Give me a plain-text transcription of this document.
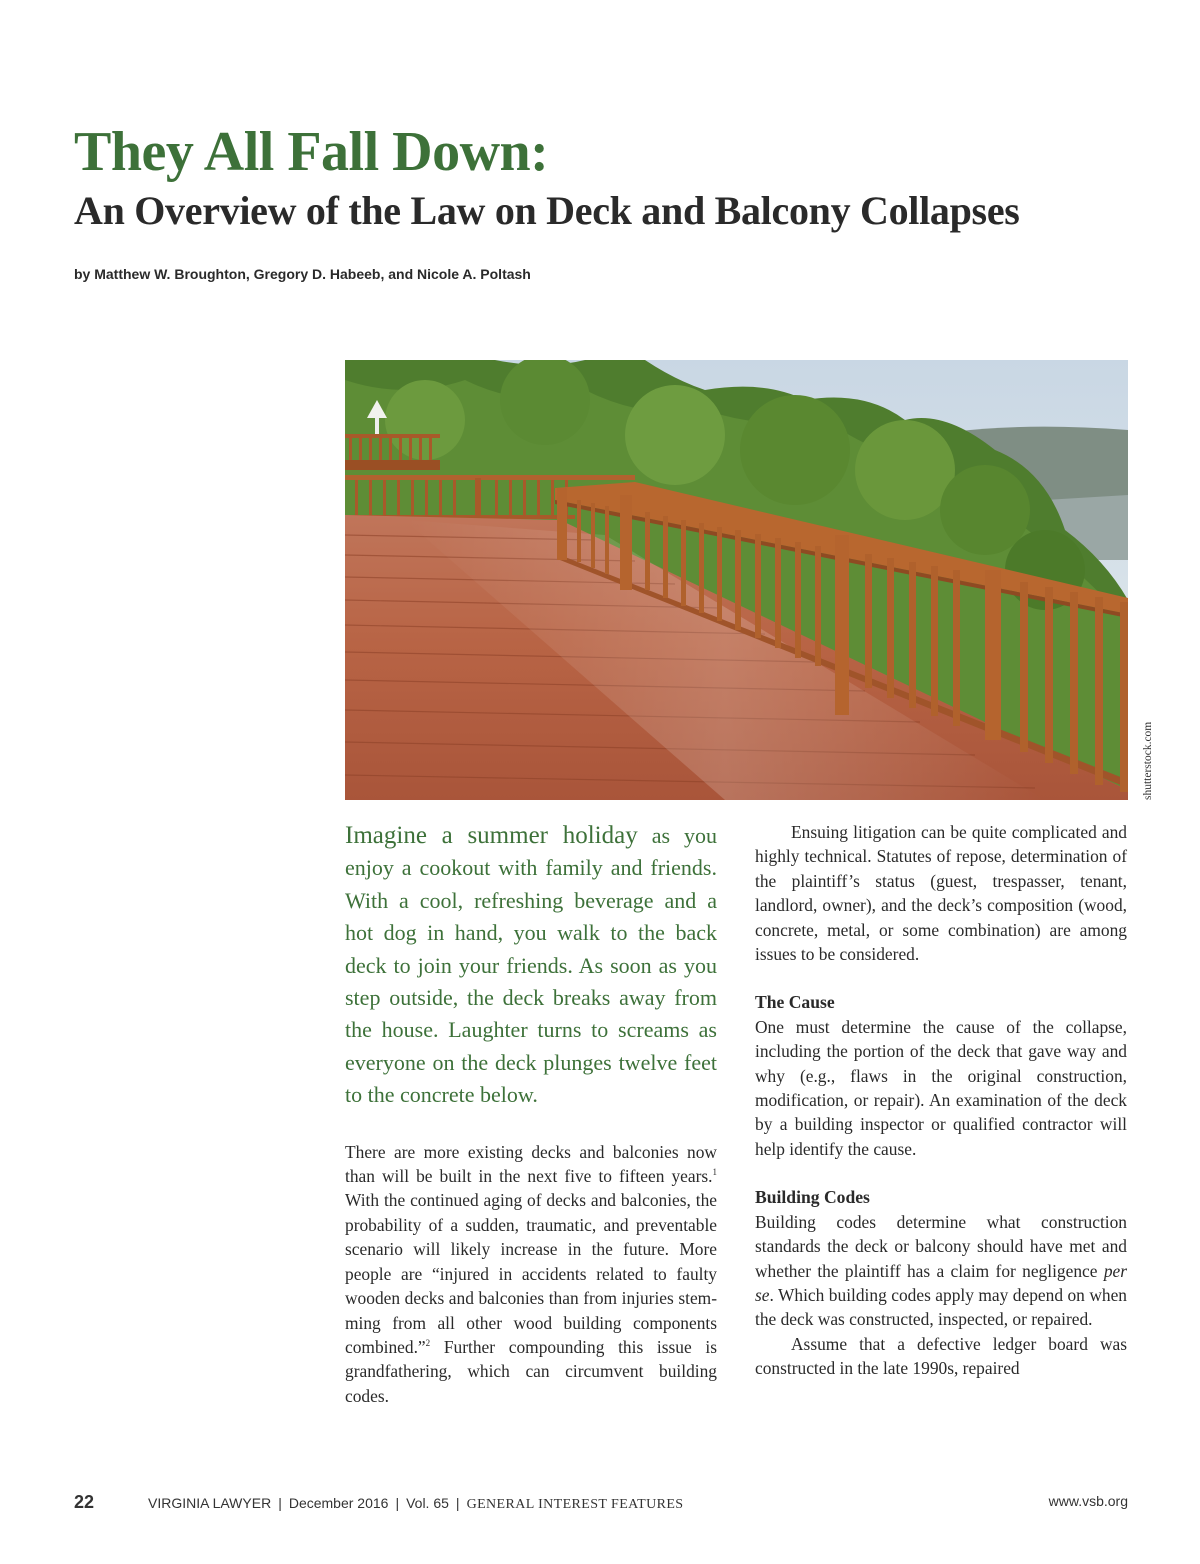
They All Fall Down:
An Overview of the Law on Deck and Balcony Collapses
by Matthew W. Broughton, Gregory D. Habeeb, and Nicole A. Poltash
shutterstock.com

Imagine a summer holiday as you enjoy a cookout with family and friends. With a cool, refreshing beverage and a hot dog in hand, you walk to the back deck to join your friends. As soon as you step outside, the deck breaks away from the house. Laughter turns to screams as everyone on the deck plunges twelve feet to the concrete below.

There are more existing decks and balconies now than will be built in the next five to fifteen years.$^1$ With the continued aging of decks and balconies, the probability of a sudden, traumatic, and preventable scenario will likely increase in the future. More people are “injured in accidents related to faulty wooden decks and balconies than from injuries stemming from all other wood building components combined.”$^2$ Further compounding this issue is grandfathering, which can circumvent building codes.

Ensuing litigation can be quite complicated and highly technical. Statutes of repose, determination of the plaintiff’s status (guest, trespasser, tenant, landlord, owner), and the deck’s composition (wood, concrete, metal, or some combination) are among issues to be considered.

The Cause

One must determine the cause of the collapse, including the portion of the deck that gave way and why (e.g., flaws in the original construction, modification, or repair). An examination of the deck by a building inspector or qualified contractor will help identify the cause.

Building Codes

Building codes determine what construction standards the deck or balcony should have met and whether the plaintiff has a claim for negligence per se. Which building codes apply may depend on when the deck was constructed, inspected, or repaired.

Assume that a defective ledger board was constructed in the late 1990s, repaired

22	VIRGINIA LAWYER | December 2016 | Vol. 65 | GENERAL INTEREST FEATURES	www.vsb.org
